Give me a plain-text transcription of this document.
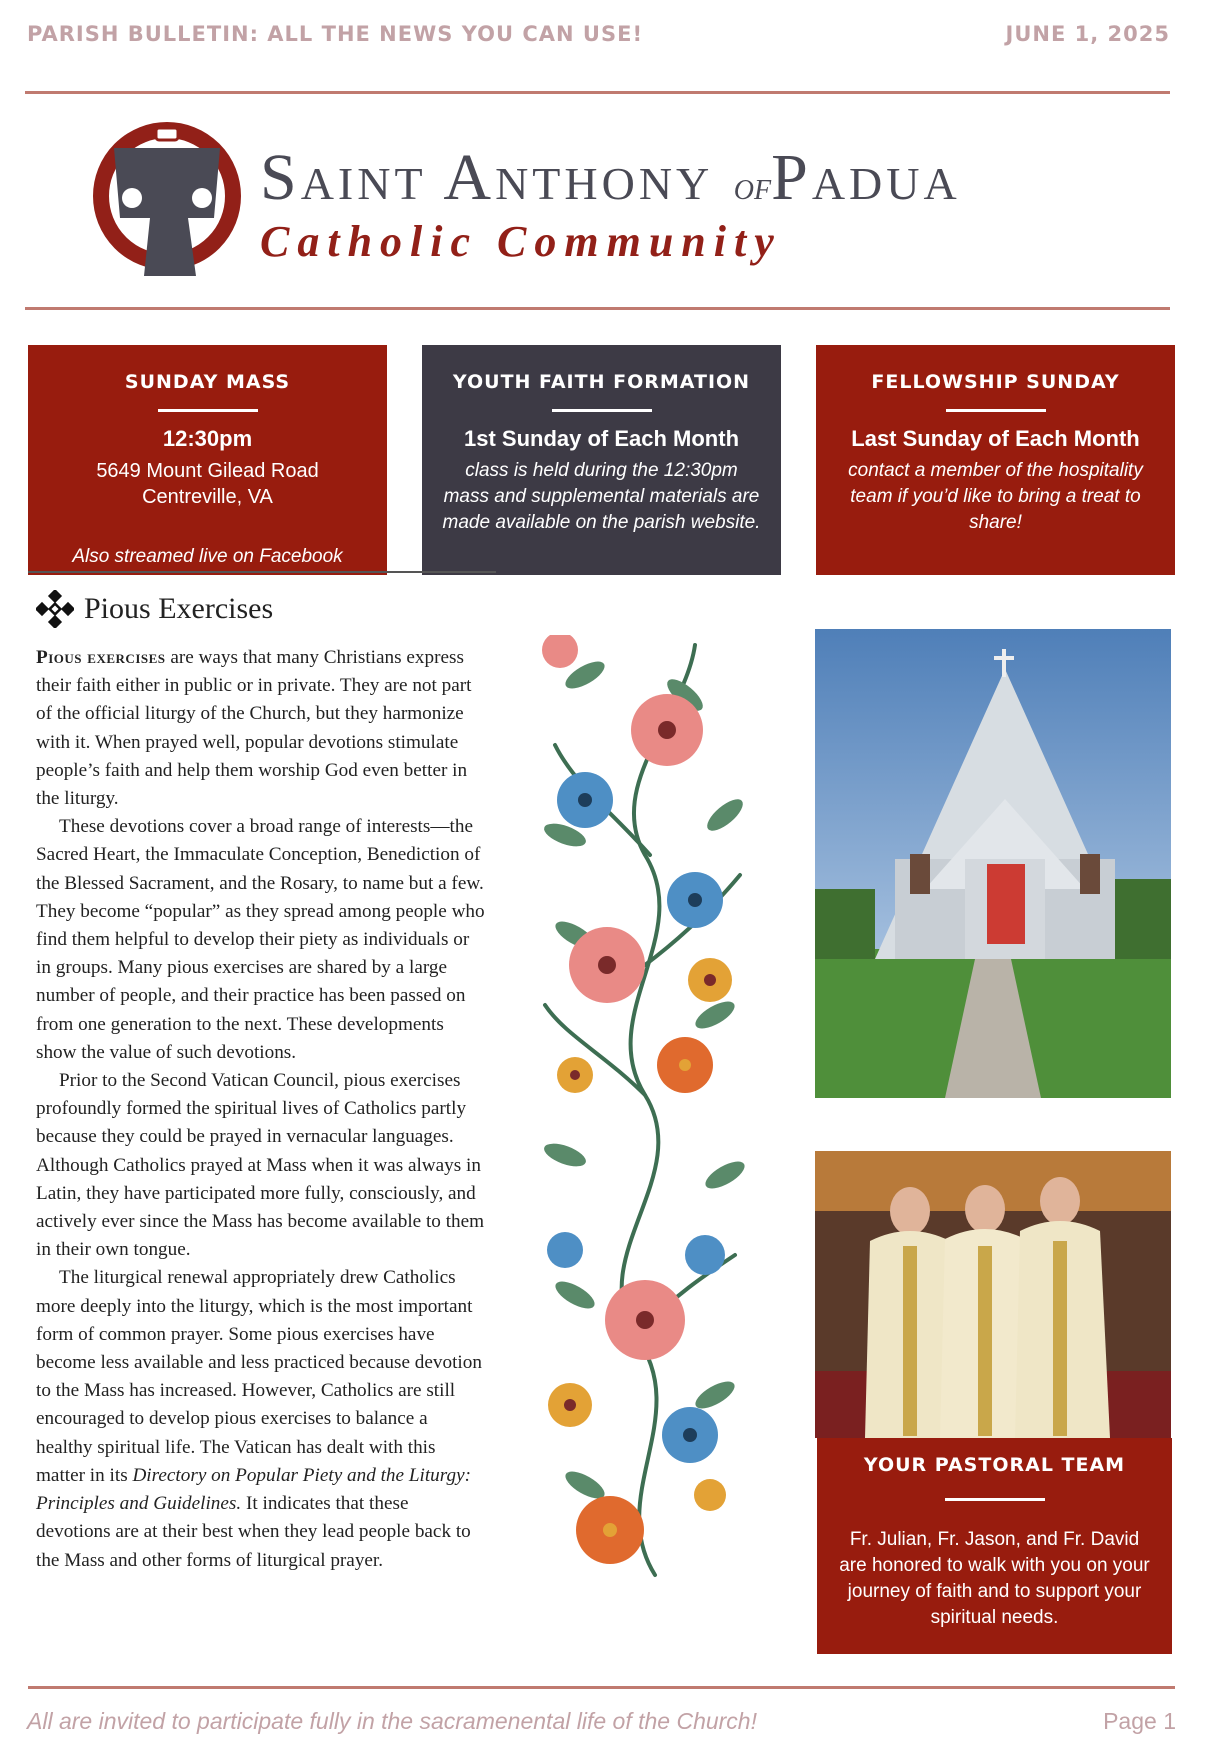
PARISH BULLETIN: ALL THE NEWS YOU CAN USE!	JUNE 1, 2025
Saint Anthony ofPadua
Catholic Community
SUNDAY MASS
12:30pm
5649 Mount Gilead Road
Centreville, VA
Also streamed live on Facebook
YOUTH FAITH FORMATION
1st Sunday of Each Month
class is held during the 12:30pm mass and supplemental materials are made available on the parish website.
FELLOWSHIP SUNDAY
Last Sunday of Each Month
contact a member of the hospitality team if you’d like to bring a treat to share!
Pious Exercises

Pious exercises are ways that many Christians express their faith either in public or in private. They are not part of the official liturgy of the Church, but they harmonize with it. When prayed well, popular devotions stimulate people’s faith and help them worship God even better in the liturgy.

These devotions cover a broad range of interests—the Sacred Heart, the Immaculate Conception, Benediction of the Blessed Sacrament, and the Rosary, to name but a few. They become “popular” as they spread among people who find them helpful to develop their piety as individuals or in groups. Many pious exercises are shared by a large number of people, and their practice has been passed on from one generation to the next. These developments show the value of such devotions.

Prior to the Second Vatican Council, pious exercises profoundly formed the spiritual lives of Catholics partly because they could be prayed in vernacular languages. Although Catholics prayed at Mass when it was always in Latin, they have participated more fully, consciously, and actively ever since the Mass has become available to them in their own tongue.

The liturgical renewal appropriately drew Catholics more deeply into the liturgy, which is the most important form of common prayer. Some pious exercises have become less available and less practiced because devotion to the Mass has increased. However, Catholics are still encouraged to develop pious exercises to balance a healthy spiritual life. The Vatican has dealt with this matter in its Directory on Popular Piety and the Liturgy: Principles and Guidelines. It indicates that these devotions are at their best when they lead people back to the Mass and other forms of liturgical prayer.

YOUR PASTORAL TEAM

Fr. Julian, Fr. Jason, and Fr. David are honored to walk with you on your journey of faith and to support your spiritual needs.

All are invited to participate fully in the sacramenental life of the Church!	Page 1
